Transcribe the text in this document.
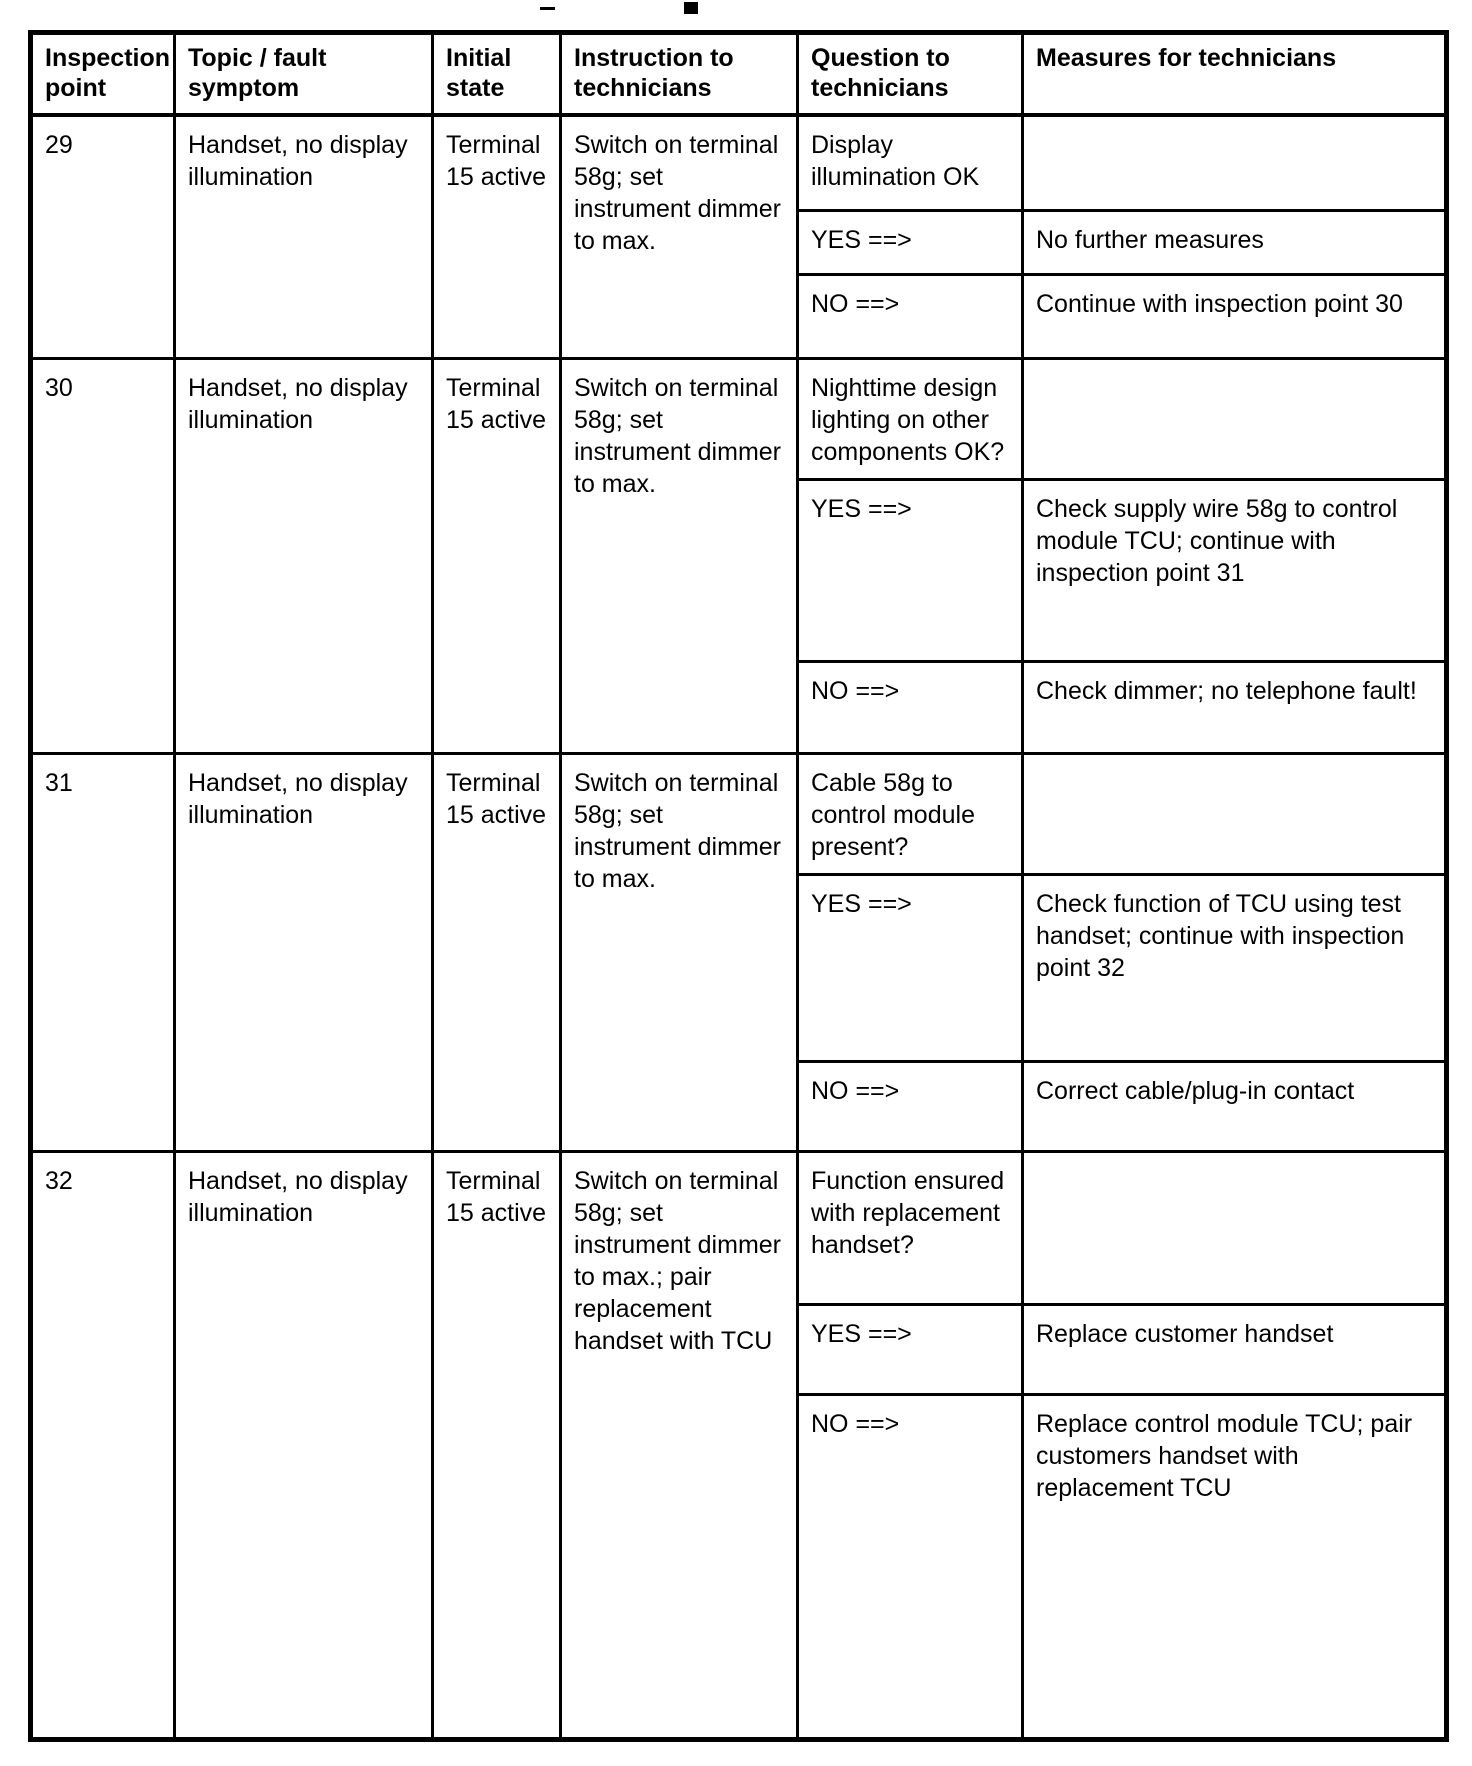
Inspection point	Topic / fault symptom	Initial state	Instruction to technicians	Question to technicians	Measures for technicians
29	Handset, no display illumination	Terminal 15 active	Switch on terminal 58g; set instrument dimmer to max.	Display illumination OK	
				YES ==>	No further measures
				NO ==>	Continue with inspection point 30
30	Handset, no display illumination	Terminal 15 active	Switch on terminal 58g; set instrument dimmer to max.	Nighttime design lighting on other components OK?	
				YES ==>	Check supply wire 58g to control module TCU; continue with inspection point 31
				NO ==>	Check dimmer; no telephone fault!
31	Handset, no display illumination	Terminal 15 active	Switch on terminal 58g; set instrument dimmer to max.	Cable 58g to control module present?	
				YES ==>	Check function of TCU using test handset; continue with inspection point 32
				NO ==>	Correct cable/plug-in contact
32	Handset, no display illumination	Terminal 15 active	Switch on terminal 58g; set instrument dimmer to max.; pair replacement handset with TCU	Function ensured with replacement handset?	
				YES ==>	Replace customer handset
				NO ==>	Replace control module TCU; pair customers handset with replacement TCU
